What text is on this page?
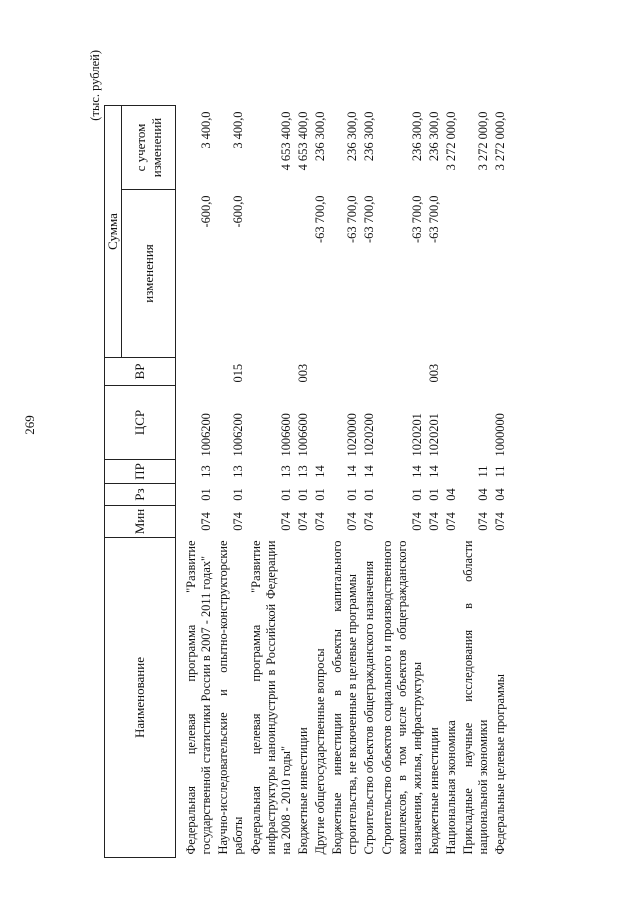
269
(тыс. рублей)
Наименование	Мин	Рз	ПР	ЦСР	ВР	Сумма	
						изменения	с учетом изменений
Федеральная целевая программа "Развитие государственной статистики России в 2007 - 2011 годах"	074	01	13	1006200		-600,0	3 400,0
Научно-исследовательские и опытно-конструкторские работы	074	01	13	1006200	015	-600,0	3 400,0
Федеральная целевая программа "Развитие инфраструктуры наноиндустрии в Российской Федерации на 2008 - 2010 годы"	074	01	13	1006600			4 653 400,0
Бюджетные инвестиции	074	01	13	1006600	003		4 653 400,0
Другие общегосударственные вопросы	074	01	14			-63 700,0	236 300,0
Бюджетные инвестиции в объекты капитального строительства, не включенные в целевые программы	074	01	14	1020000		-63 700,0	236 300,0
Строительство объектов общегражданского назначения	074	01	14	1020200		-63 700,0	236 300,0
Строительство объектов социального и производственного комплексов, в том числе объектов общегражданского назначения, жилья, инфраструктуры	074	01	14	1020201		-63 700,0	236 300,0
Бюджетные инвестиции	074	01	14	1020201	003	-63 700,0	236 300,0
Национальная экономика	074	04					3 272 000,0
Прикладные научные исследования в области национальной экономики	074	04	11				3 272 000,0
Федеральные целевые программы	074	04	11	1000000			3 272 000,0
